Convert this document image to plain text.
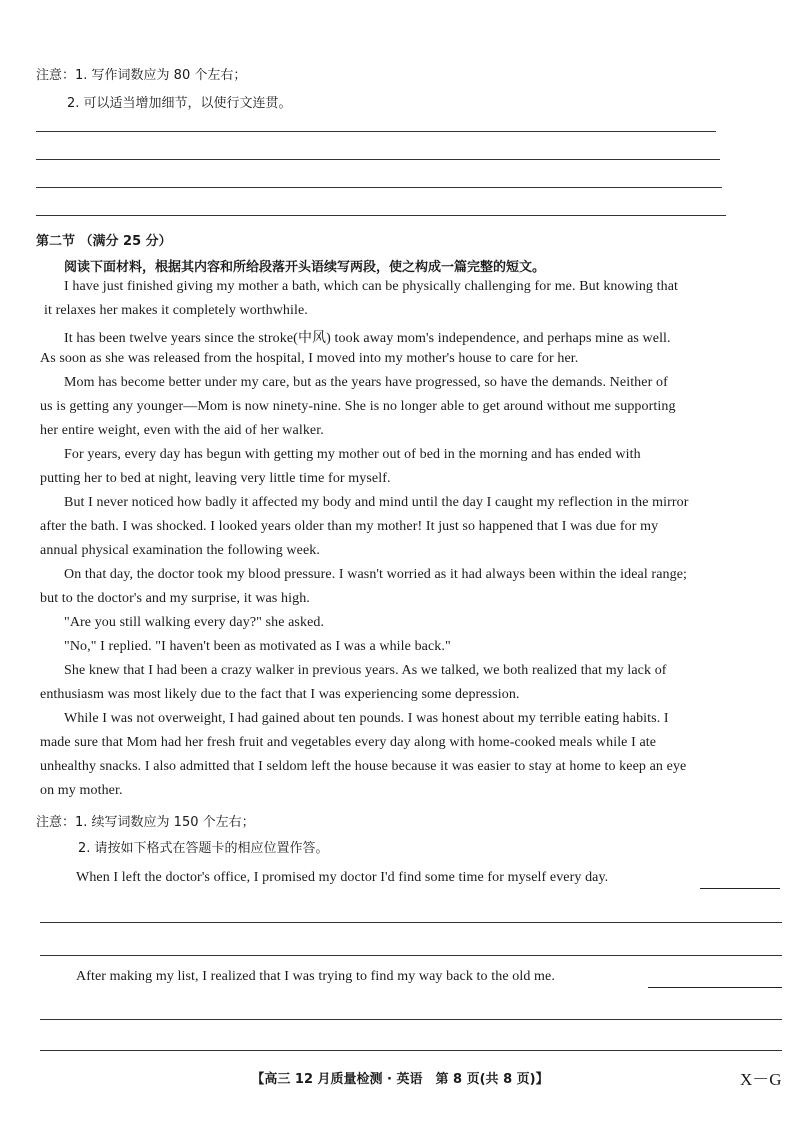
注意：1. 写作词数应为 80 个左右；
2. 可以适当增加细节，以使行文连贯。
第二节 （满分 25 分）
阅读下面材料，根据其内容和所给段落开头语续写两段，使之构成一篇完整的短文。
I have just finished giving my mother a bath, which can be physically challenging for me. But knowing that
it relaxes her makes it completely worthwhile.
It has been twelve years since the stroke(中风) took away mom's independence, and perhaps mine as well.
As soon as she was released from the hospital, I moved into my mother's house to care for her.
Mom has become better under my care, but as the years have progressed, so have the demands. Neither of
us is getting any younger—Mom is now ninety-nine. She is no longer able to get around without me supporting
her entire weight, even with the aid of her walker.
For years, every day has begun with getting my mother out of bed in the morning and has ended with
putting her to bed at night, leaving very little time for myself.
But I never noticed how badly it affected my body and mind until the day I caught my reflection in the mirror
after the bath. I was shocked. I looked years older than my mother! It just so happened that I was due for my
annual physical examination the following week.
On that day, the doctor took my blood pressure. I wasn't worried as it had always been within the ideal range;
but to the doctor's and my surprise, it was high.
"Are you still walking every day?" she asked.
"No," I replied. "I haven't been as motivated as I was a while back."
She knew that I had been a crazy walker in previous years. As we talked, we both realized that my lack of
enthusiasm was most likely due to the fact that I was experiencing some depression.
While I was not overweight, I had gained about ten pounds. I was honest about my terrible eating habits. I
made sure that Mom had her fresh fruit and vegetables every day along with home-cooked meals while I ate
unhealthy snacks. I also admitted that I seldom left the house because it was easier to stay at home to keep an eye
on my mother.
注意：1. 续写词数应为 150 个左右；
2. 请按如下格式在答题卡的相应位置作答。
When I left the doctor's office, I promised my doctor I'd find some time for myself every day.
After making my list, I realized that I was trying to find my way back to the old me.
【高三 12 月质量检测 · 英语　第 8 页(共 8 页)】	X－G
